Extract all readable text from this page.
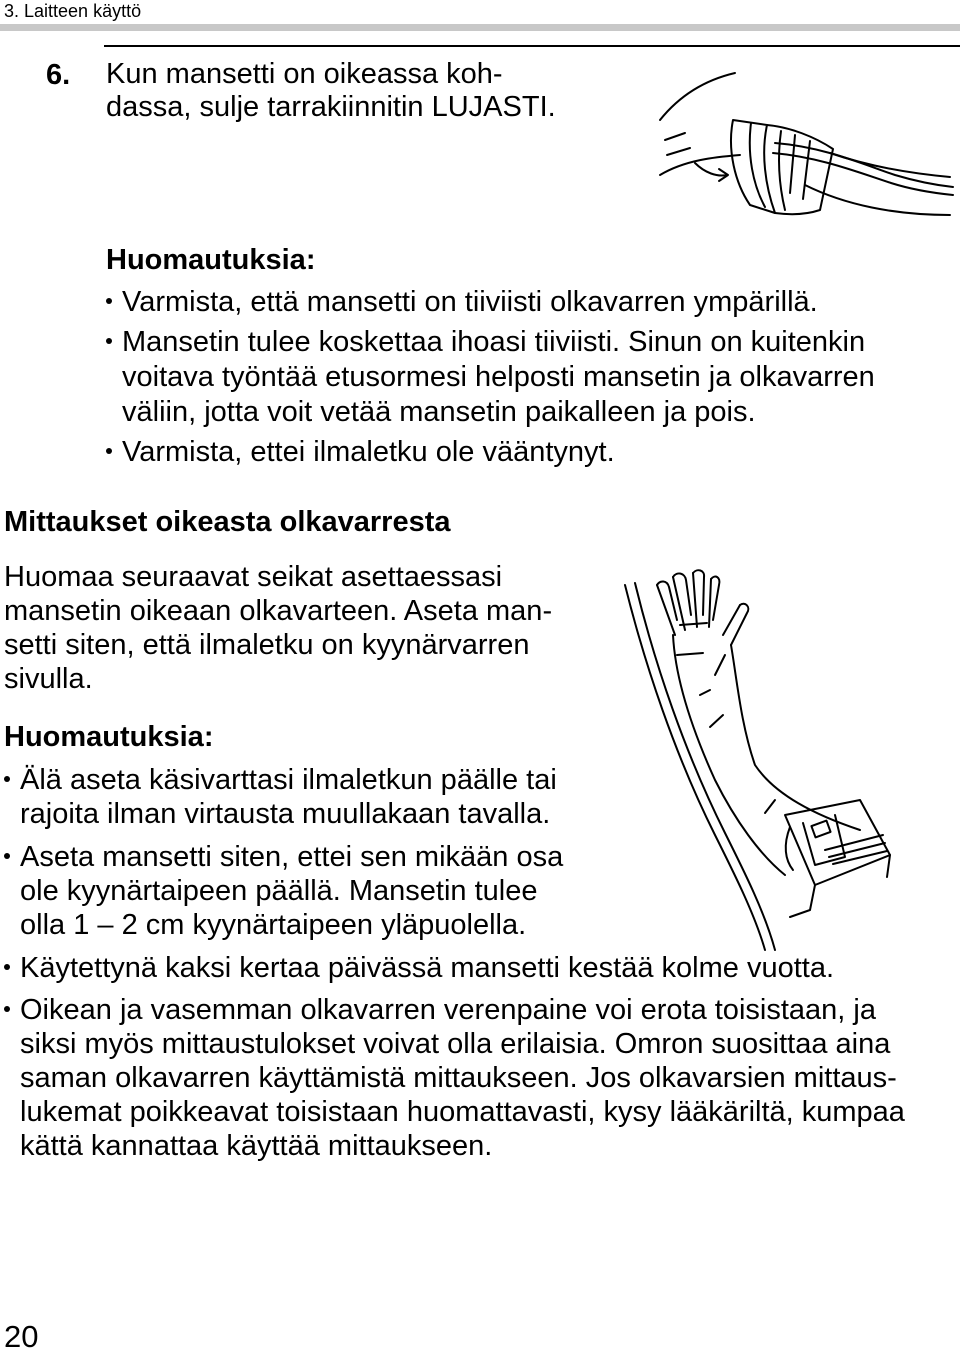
3. Laitteen käyttö
6. Kun mansetti on oikeassa koh-
dassa, sulje tarrakiinnitin LUJASTI.
Huomautuksia:
Varmista, että mansetti on tiiviisti olkavarren ympärillä.
Mansetin tulee koskettaa ihoasi tiiviisti. Sinun on kuitenkin
voitava työntää etusormesi helposti mansetin ja olkavarren
väliin, jotta voit vetää mansetin paikalleen ja pois.
Varmista, ettei ilmaletku ole vääntynyt.
Mittaukset oikeasta olkavarresta
Huomaa seuraavat seikat asettaessasi
mansetin oikeaan olkavarteen. Aseta man-
setti siten, että ilmaletku on kyynärvarren
sivulla.
Huomautuksia:
Älä aseta käsivarttasi ilmaletkun päälle tai
rajoita ilman virtausta muullakaan tavalla.
Aseta mansetti siten, ettei sen mikään osa
ole kyynärtaipeen päällä. Mansetin tulee
olla 1 – 2 cm kyynärtaipeen yläpuolella.
Käytettynä kaksi kertaa päivässä mansetti kestää kolme vuotta.
Oikean ja vasemman olkavarren verenpaine voi erota toisistaan, ja
siksi myös mittaustulokset voivat olla erilaisia. Omron suosittaa aina
saman olkavarren käyttämistä mittaukseen. Jos olkavarsien mittaus-
lukemat poikkeavat toisistaan huomattavasti, kysy lääkäriltä, kumpaa
kättä kannattaa käyttää mittaukseen.
20
